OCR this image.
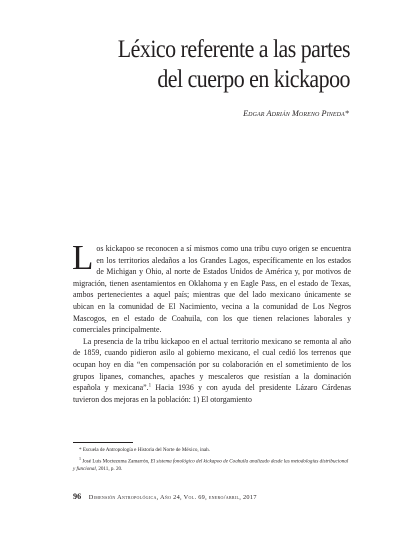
Léxico referente a las partes
del cuerpo en kickapoo
Edgar Adrián Moreno Pineda*

Los kickapoo se reconocen a sí mismos como una tribu cuyo origen se encuentra en los territorios aledaños a los Grandes Lagos, específicamente en los estados de Michigan y Ohio, al norte de Estados Unidos de América y, por motivos de migración, tienen asentamientos en Oklahoma y en Eagle Pass, en el estado de Texas, ambos pertenecientes a aquel país; mientras que del lado mexicano únicamente se ubican en la comunidad de El Nacimiento, vecina a la comunidad de Los Negros Mascogos, en el estado de Coahuila, con los que tienen relaciones laborales y comerciales principalmente.

La presencia de la tribu kickapoo en el actual territorio mexicano se remonta al año de 1859, cuando pidieron asilo al gobierno mexicano, el cual cedió los terrenos que ocupan hoy en día “en compensación por su colaboración en el sometimiento de los grupos lipanes, comanches, apaches y mescaleros que resistían a la dominación española y mexicana”.$^1$ Hacia 1936 y con ayuda del presidente Lázaro Cárdenas tuvieron dos mejoras en la población: 1) El otorgamiento

* Escuela de Antropología e Historia del Norte de México, inah.
$^1$ José Luis Moctezuma Zamarrón, El sistema fonológico del kickapoo de Coahuila analizado desde las metodologías distribucional y funcional, 2011, p. 20.
96 Dimensión Antropológica, Año 24, Vol. 69, enero/abril, 2017
